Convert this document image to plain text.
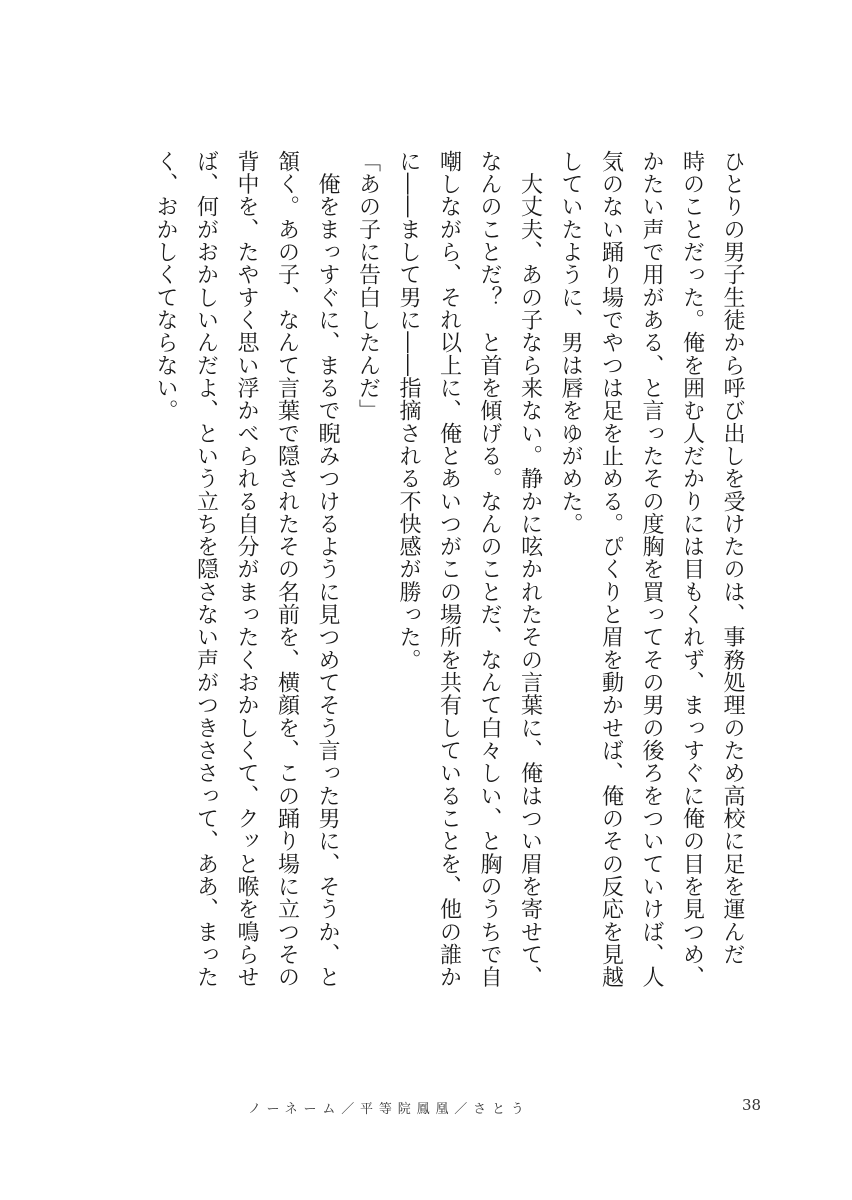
ひとりの男子生徒から呼び出しを受けたのは、事務処理のため高校に足を運んだ

時のことだった。俺を囲む人だかりには目もくれず、まっすぐに俺の目を見つめ、

かたい声で用がある、と言ったその度胸を買ってその男の後ろをついていけば、人

気のない踊り場でやつは足を止める。ぴくりと眉を動かせば、俺のその反応を見越

していたように、男は唇をゆがめた。

　大丈夫、あの子なら来ない。静かに呟かれたその言葉に、俺はつい眉を寄せて、

なんのことだ？　と首を傾げる。なんのことだ、なんて白々しい、と胸のうちで自

嘲しながら、それ以上に、俺とあいつがこの場所を共有していることを、他の誰か

に――まして男に――指摘される不快感が勝った。

「あの子に告白したんだ」

　俺をまっすぐに、まるで睨みつけるように見つめてそう言った男に、そうか、と

頷く。あの子、なんて言葉で隠されたその名前を、横顔を、この踊り場に立つその

背中を、たやすく思い浮かべられる自分がまったくおかしくて、クッと喉を鳴らせ

ば、何がおかしいんだよ、という立ちを隠さない声がつきささって、ああ、まった

く、おかしくてならない。

ノーネーム／平等院鳳凰／さとう	38
